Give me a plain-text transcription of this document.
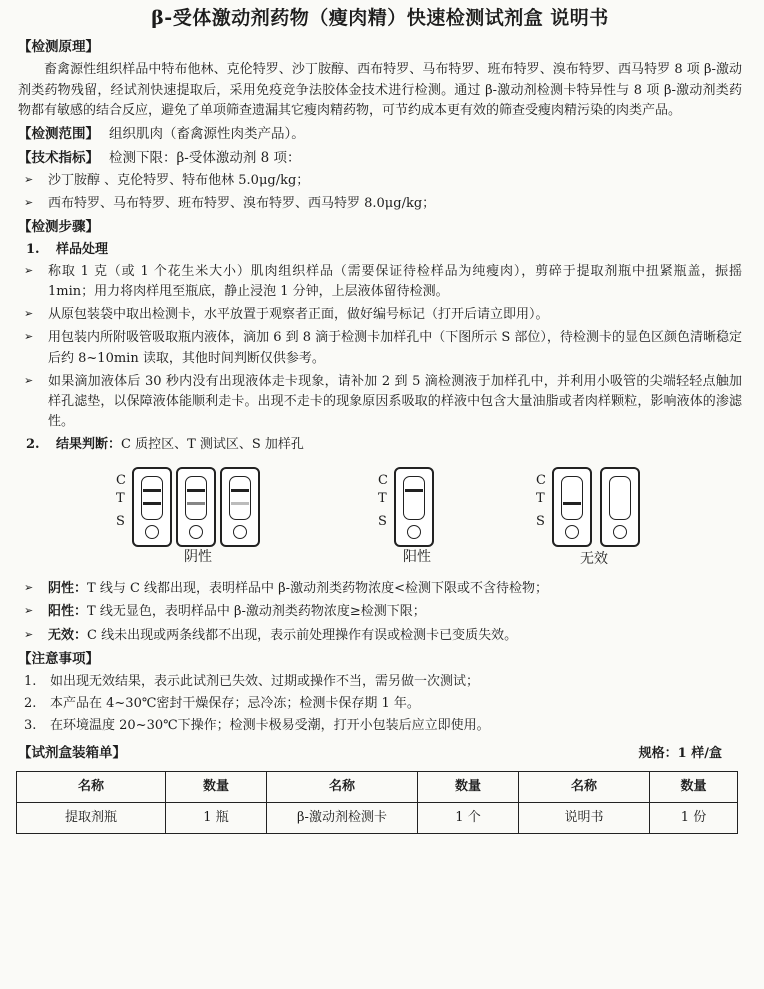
β-受体激动剂药物（瘦肉精）快速检测试剂盒 说明书
【检测原理】

畜禽源性组织样品中特布他林、克伦特罗、沙丁胺醇、西布特罗、马布特罗、班布特罗、溴布特罗、西马特罗 8 项 β-激动剂类药物残留，经试剂快速提取后，采用免疫竞争法胶体金技术进行检测。通过 β-激动剂检测卡特异性与 8 项 β-激动剂类药物都有敏感的结合反应，避免了单项筛查遗漏其它瘦肉精药物，可节约成本更有效的筛查受瘦肉精污染的肉类产品。

【检测范围】 组织肌肉（畜禽源性肉类产品）。
【技术指标】 检测下限：β-受体激动剂 8 项：
➢ 沙丁胺醇 、克伦特罗、特布他林 5.0μg/kg；
➢ 西布特罗、马布特罗、班布特罗、溴布特罗、西马特罗 8.0μg/kg；
【检测步骤】
1. 样品处理
➢ 称取 1 克（或 1 个花生米大小）肌肉组织样品（需要保证待检样品为纯瘦肉），剪碎于提取剂瓶中扭紧瓶盖，振摇 1min；用力将肉样甩至瓶底，静止浸泡 1 分钟，上层液体留待检测。
➢ 从原包装袋中取出检测卡，水平放置于观察者正面，做好编号标记（打开后请立即用）。
➢ 用包装内所附吸管吸取瓶内液体，滴加 6 到 8 滴于检测卡加样孔中（下图所示 S 部位），待检测卡的显色区颜色清晰稳定后约 8~10min 读取，其他时间判断仅供参考。
➢ 如果滴加液体后 30 秒内没有出现液体走卡现象，请补加 2 到 5 滴检测液于加样孔中，并利用小吸管的尖端轻轻点触加样孔滤垫，以保障液体能顺利走卡。出现不走卡的现象原因系吸取的样液中包含大量油脂或者肉样颗粒，影响液体的渗滤性。
2. 结果判断：C 质控区、T 测试区、S 加样孔
C
T
S
阴性
C
T
S
阳性
C
T
S
无效
➢ 阴性：T 线与 C 线都出现，表明样品中 β-激动剂类药物浓度<检测下限或不含待检物；
➢ 阳性：T 线无显色，表明样品中 β-激动剂类药物浓度≥检测下限；
➢ 无效：C 线未出现或两条线都不出现，表示前处理操作有误或检测卡已变质失效。
【注意事项】
1. 如出现无效结果，表示此试剂已失效、过期或操作不当，需另做一次测试；
2. 本产品在 4~30℃密封干燥保存；忌冷冻；检测卡保存期 1 年。
3. 在环境温度 20~30℃下操作；检测卡极易受潮，打开小包装后应立即使用。
【试剂盒装箱单】	规格：1 样/盒
名称	数量	名称	数量	名称	数量
提取剂瓶	1 瓶	β-激动剂检测卡	1 个	说明书	1 份
